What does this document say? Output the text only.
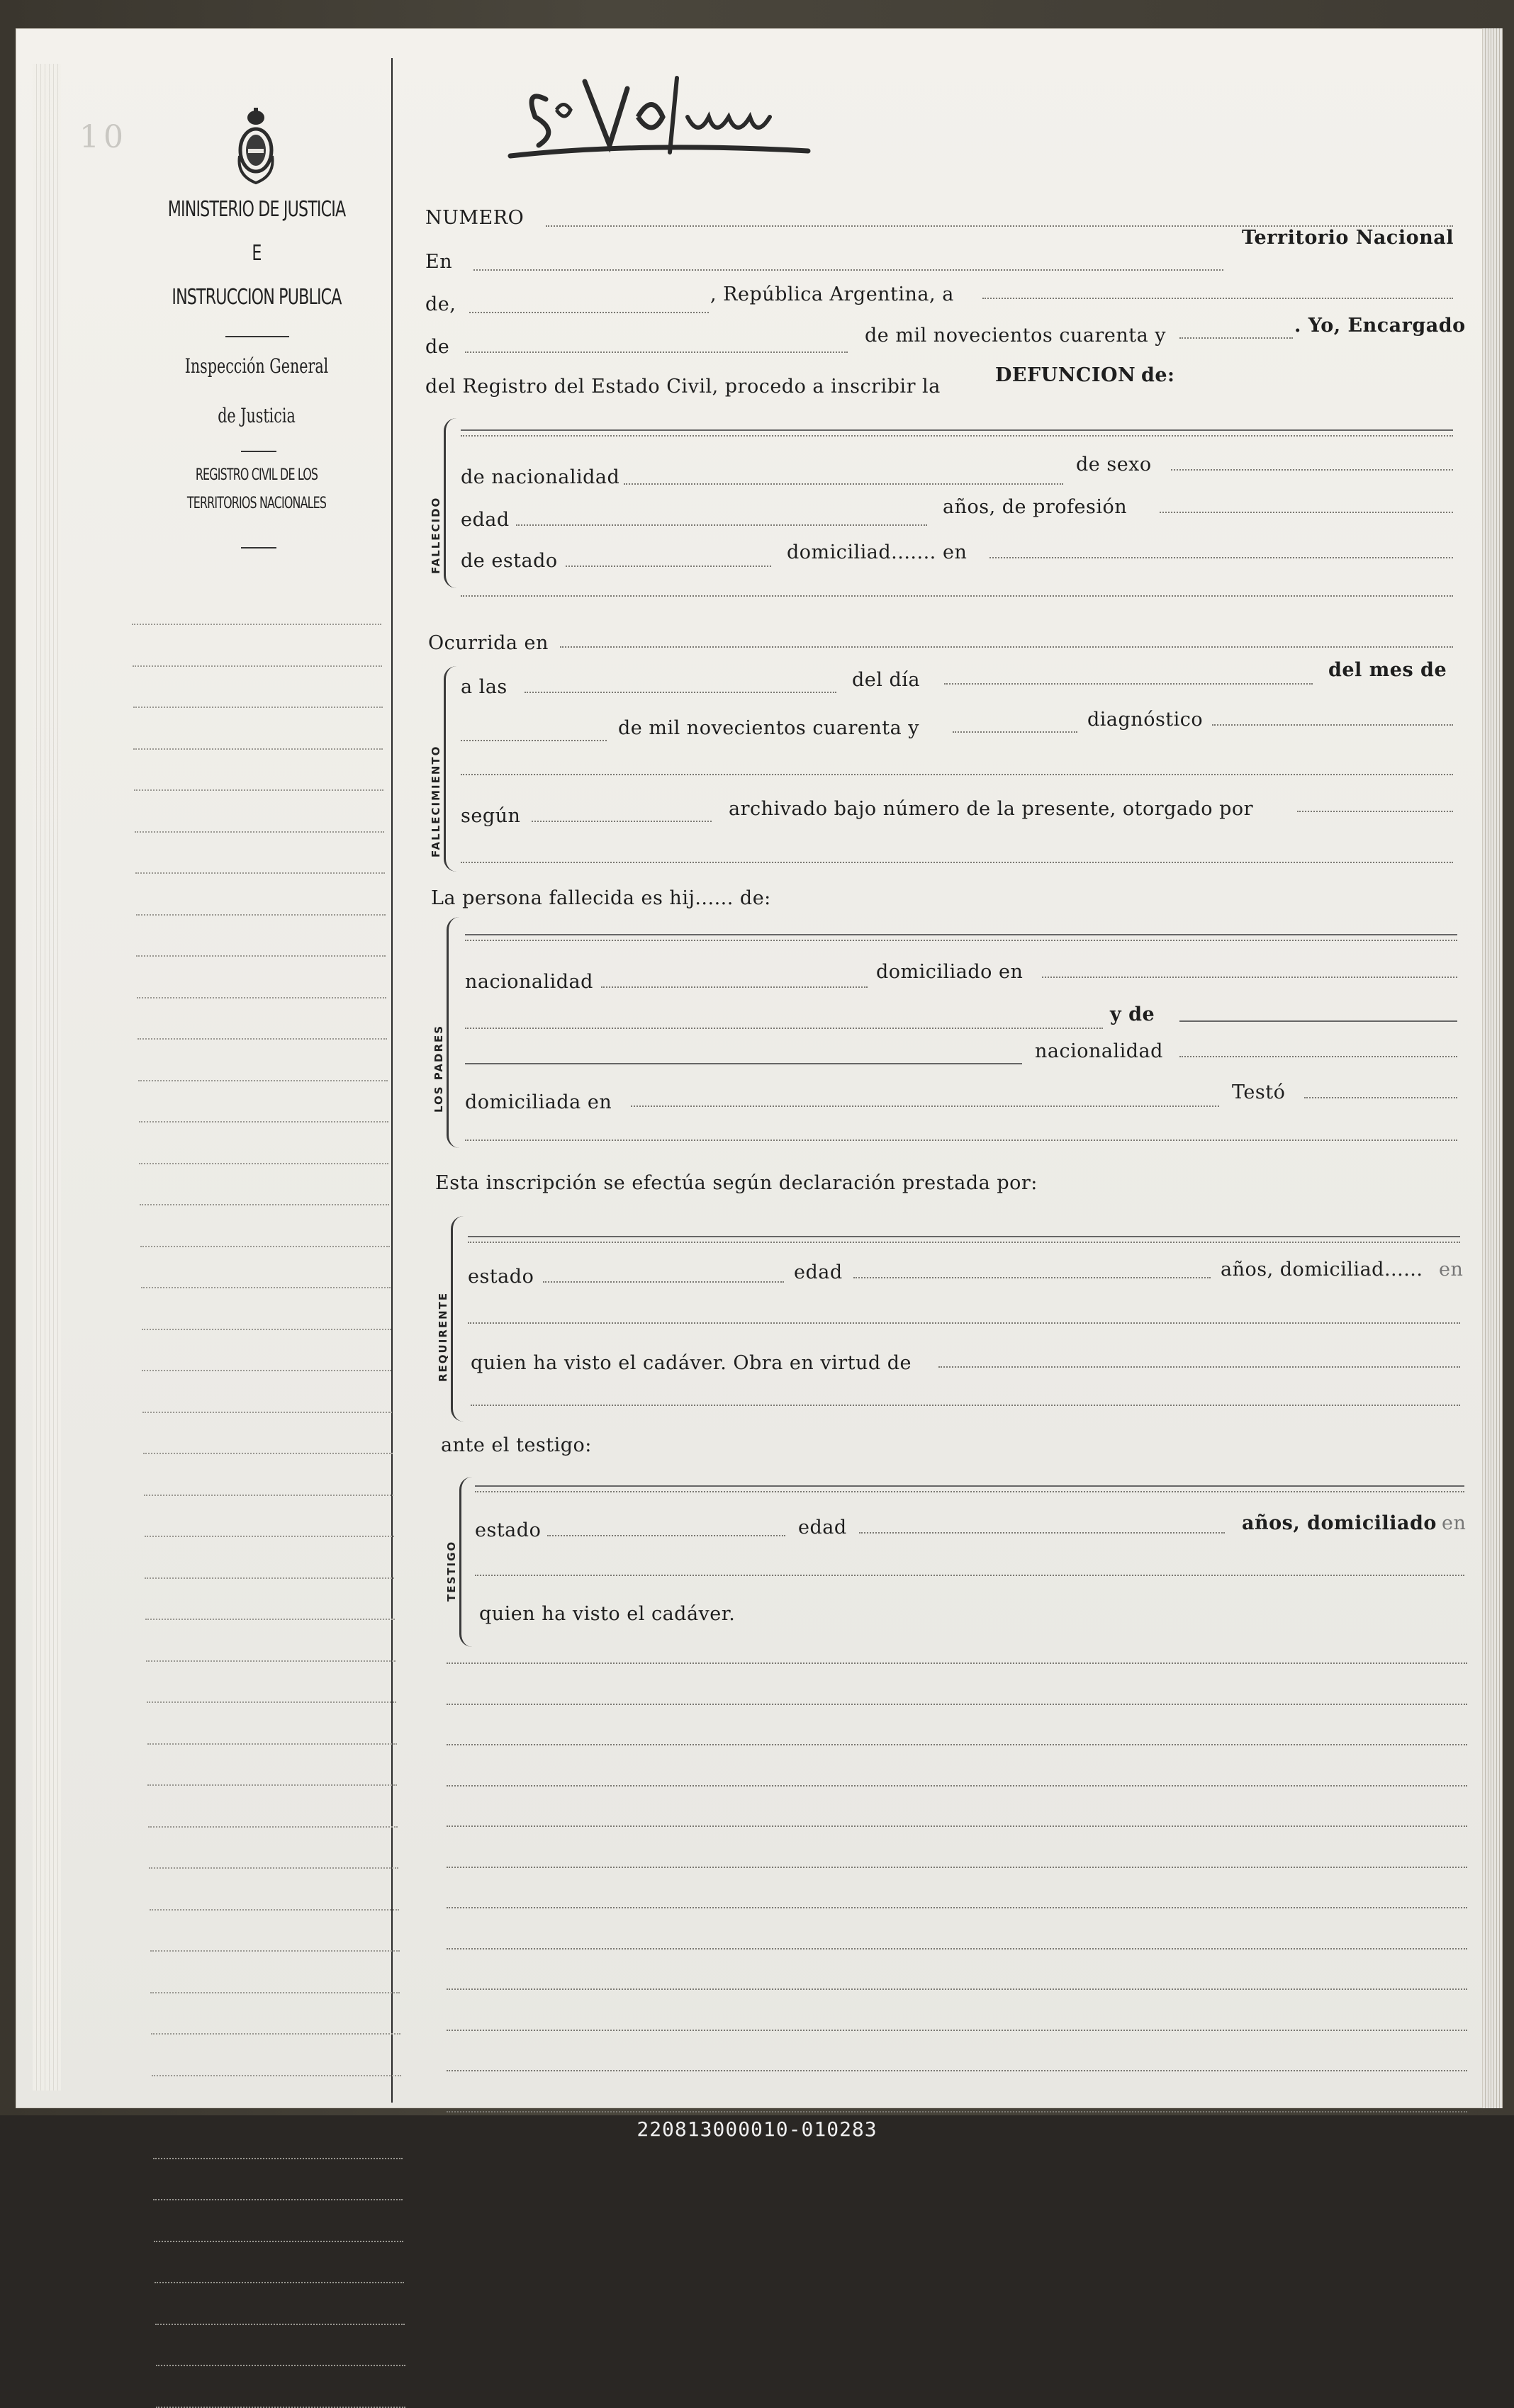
10
MINISTERIO DE JUSTICIA
E
INSTRUCCION PUBLICA
Inspección General
de Justicia
REGISTRO CIVIL DE LOS
TERRITORIOS NACIONALES
NUMERO
En
Territorio Nacional
de,	, República Argentina, a
de
de mil novecientos cuarenta y	. Yo, Encargado
del Registro del Estado Civil, procedo a inscribir la
DEFUNCION de:
FALLECIDO
de nacionalidad
de sexo
edad
años, de profesión
de estado	domiciliad....... en
Ocurrida en
FALLECIMIENTO
a las	del día	del mes de
de mil novecientos cuarenta y	diagnóstico
según	archivado bajo número de la presente, otorgado por
La persona fallecida es hij...... de:
LOS PADRES
nacionalidad	domiciliado en
y de
nacionalidad
domiciliada en	Testó
Esta inscripción se efectúa según declaración prestada por:
REQUIRENTE
estado	edad	años, domiciliad...... en
quien ha visto el cadáver. Obra en virtud de
ante el testigo:
TESTIGO
estado	edad	años, domiciliado en
quien ha visto el cadáver.
220813000010-010283
